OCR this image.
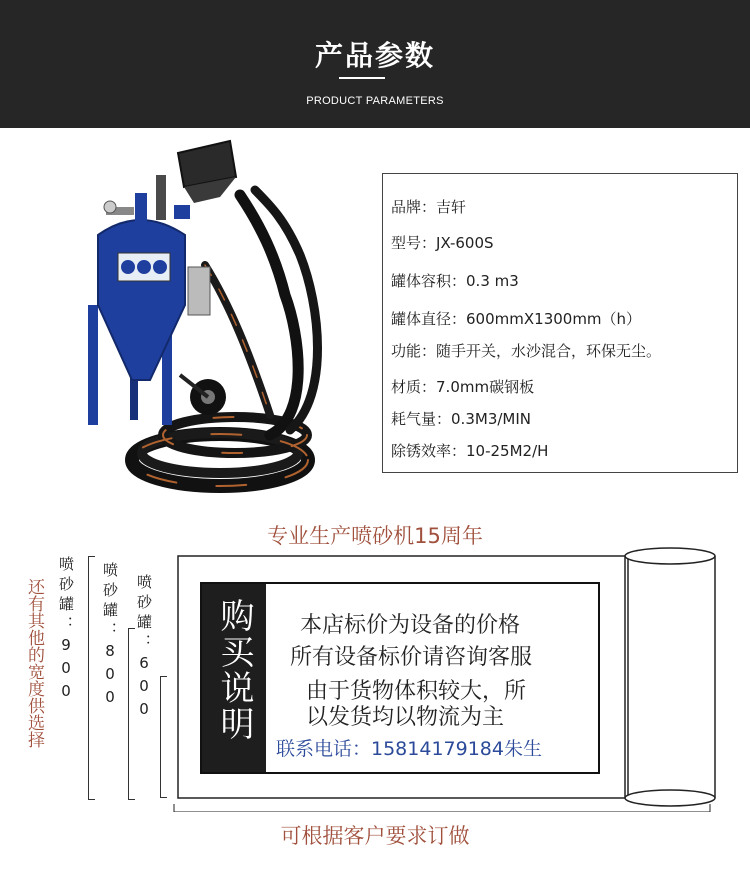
产品参数
PRODUCT PARAMETERS
品牌：吉轩
型号：JX-600S
罐体容积：0.3 m3
罐体直径：600mmX1300mm（h）
功能：随手开关，水沙混合，环保无尘。
材质：7.0mm碳钢板
耗气量：0.3M3/MIN
除锈效率：10-25M2/H
专业生产喷砂机15周年
可根据客户要求订做
还有其他的宽度供选择 喷砂罐：900 喷砂罐：800 喷砂罐：600 购买说明 本店标价为设备的价格
所有设备标价请咨询客服
由于货物体积较大，所
以发货均以物流为主
联系电话：15814179184朱生
